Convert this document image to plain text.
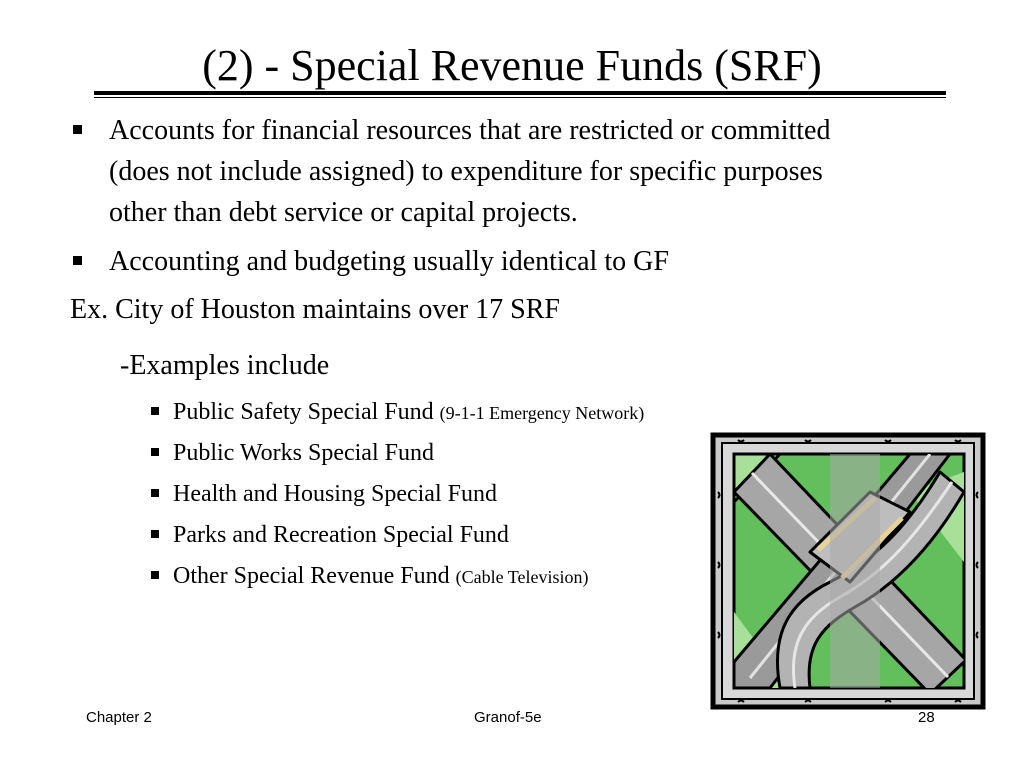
(2) - Special Revenue Funds (SRF)
Accounts for financial resources that are restricted or committed
(does not include assigned) to expenditure for specific purposes
other than debt service or capital projects.
Accounting and budgeting usually identical to GF
Ex. City of Houston maintains over 17 SRF
-Examples include
Public Safety Special Fund (9-1-1 Emergency Network)
Public Works Special Fund
Health and Housing Special Fund
Parks and Recreation Special Fund
Other Special Revenue Fund (Cable Television)
Chapter 2	Granof-5e	28
